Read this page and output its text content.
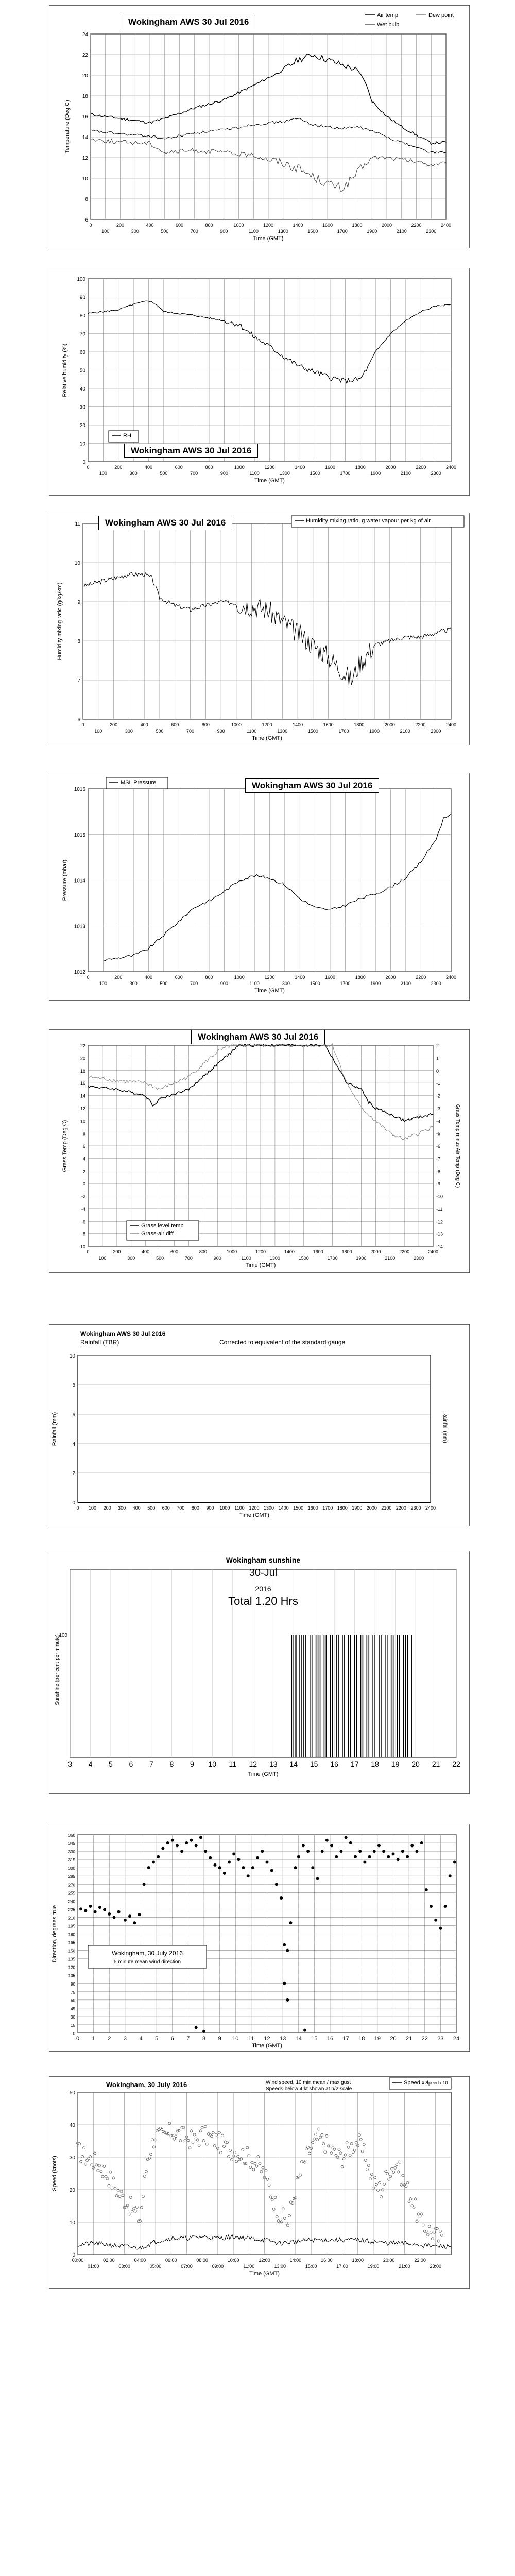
0
100
200
300
400
500
600
700
800
900
1000
1100
1200
1300
1400
1500
1600
1700
1800
1900
2000
2100
2200
2300
2400
6
8
10
12
14
16
18
20
22
24
Time (GMT)
Temperature (Deg C)
Air temp	Dew point
Wet bulb
Wokingham AWS 30 Jul 2016
0
100
200
300
400
500
600
700
800
900
1000
1100
1200
1300
1400
1500
1600
1700
1800
1900
2000
2100
2200
2300
2400
0
10
20
30
40
50
60
70
80
90
100
Time (GMT)
Relative humidity (%)
RH
Wokingham AWS 30 Jul 2016
0
100
200
300
400
500
600
700
800
900
1000
1100
1200
1300
1400
1500
1600
1700
1800
1900
2000
2100
2200
2300
2400
6
7
8
9
10
11
Time (GMT)
Humidity mixing ratio (g/kg/km)
Humidity mixing ratio, g water vapour per kg of air
Wokingham AWS 30 Jul 2016
0
100
200
300
400
500
600
700
800
900
1000
1100
1200
1300
1400
1500
1600
1700
1800
1900
2000
2100
2200
2300
2400
1012
1013
1014
1015
1016
Time (GMT)
Pressure (mbar)
MSL Pressure	Wokingham AWS 30 Jul 2016
0
100
200
300
400
500
600
700
800
900
1000
1100
1200
1300
1400
1500
1600
1700
1800
1900
2000
2100
2200
2300
2400
-10
-8
-6
-4
-2
0
2
4
6
8
10
12
14
16
18
20
22
Time (GMT)
Grass Temp (Deg C)
-14
-13
-12
-11
-10
-9
-8
-7
-6
-5
-4
-3
-2
-1
0
1
2
Grass Temp minus Air Temp (Deg C)
Grass level temp
Grass-air diff
Wokingham AWS 30 Jul 2016
0 100 200 300 400 500 600 700 800 900 1000 1100 1200 1300 1400 1500 1600 1700 1800 1900 2000 2100 2200 2300 2400
0
2
4
6
8
10
Time (GMT)
Rainfall (mm)	Rainfall (mm)
Wokingham AWS 30 Jul 2016
Rainfall (TBR)	Corrected to equivalent of the standard gauge
3 4 5 6 7 8 9 10 11 12 13 14 15 16 17 18 19 20 21 22
100
Time (GMT)
Sunshine (per cent per minute)
Wokingham sunshine
30-Jul
2016
Total 1.20 Hrs
0 1 2 3 4 5 6 7 8 9 10 11 12 13 14 15 16 17 18 19 20 21 22 23 24
0
15
30
45
60
75
90
105
120
135
150
165
180
195
210
225
240
255
270
285
300
315
330
345
360
Time (GMT)
Direction, degrees true	Wokingham, 30 July 2016
5 minute mean wind direction
00:00
01:00
02:00
03:00
04:00
05:00
06:00
07:00
08:00
09:00
10:00
11:00
12:00
13:00
14:00
15:00
16:00
17:00
18:00
19:00
20:00
21:00
22:00
23:00
0
10
20
30
40
50
Time (GMT)
Speed (knots)
Wokingham, 30 July 2016	Wind speed, 10 min mean / max gust
Speeds below 4 kt shown at n/2 scale
Speed x 1
Speed / 10
